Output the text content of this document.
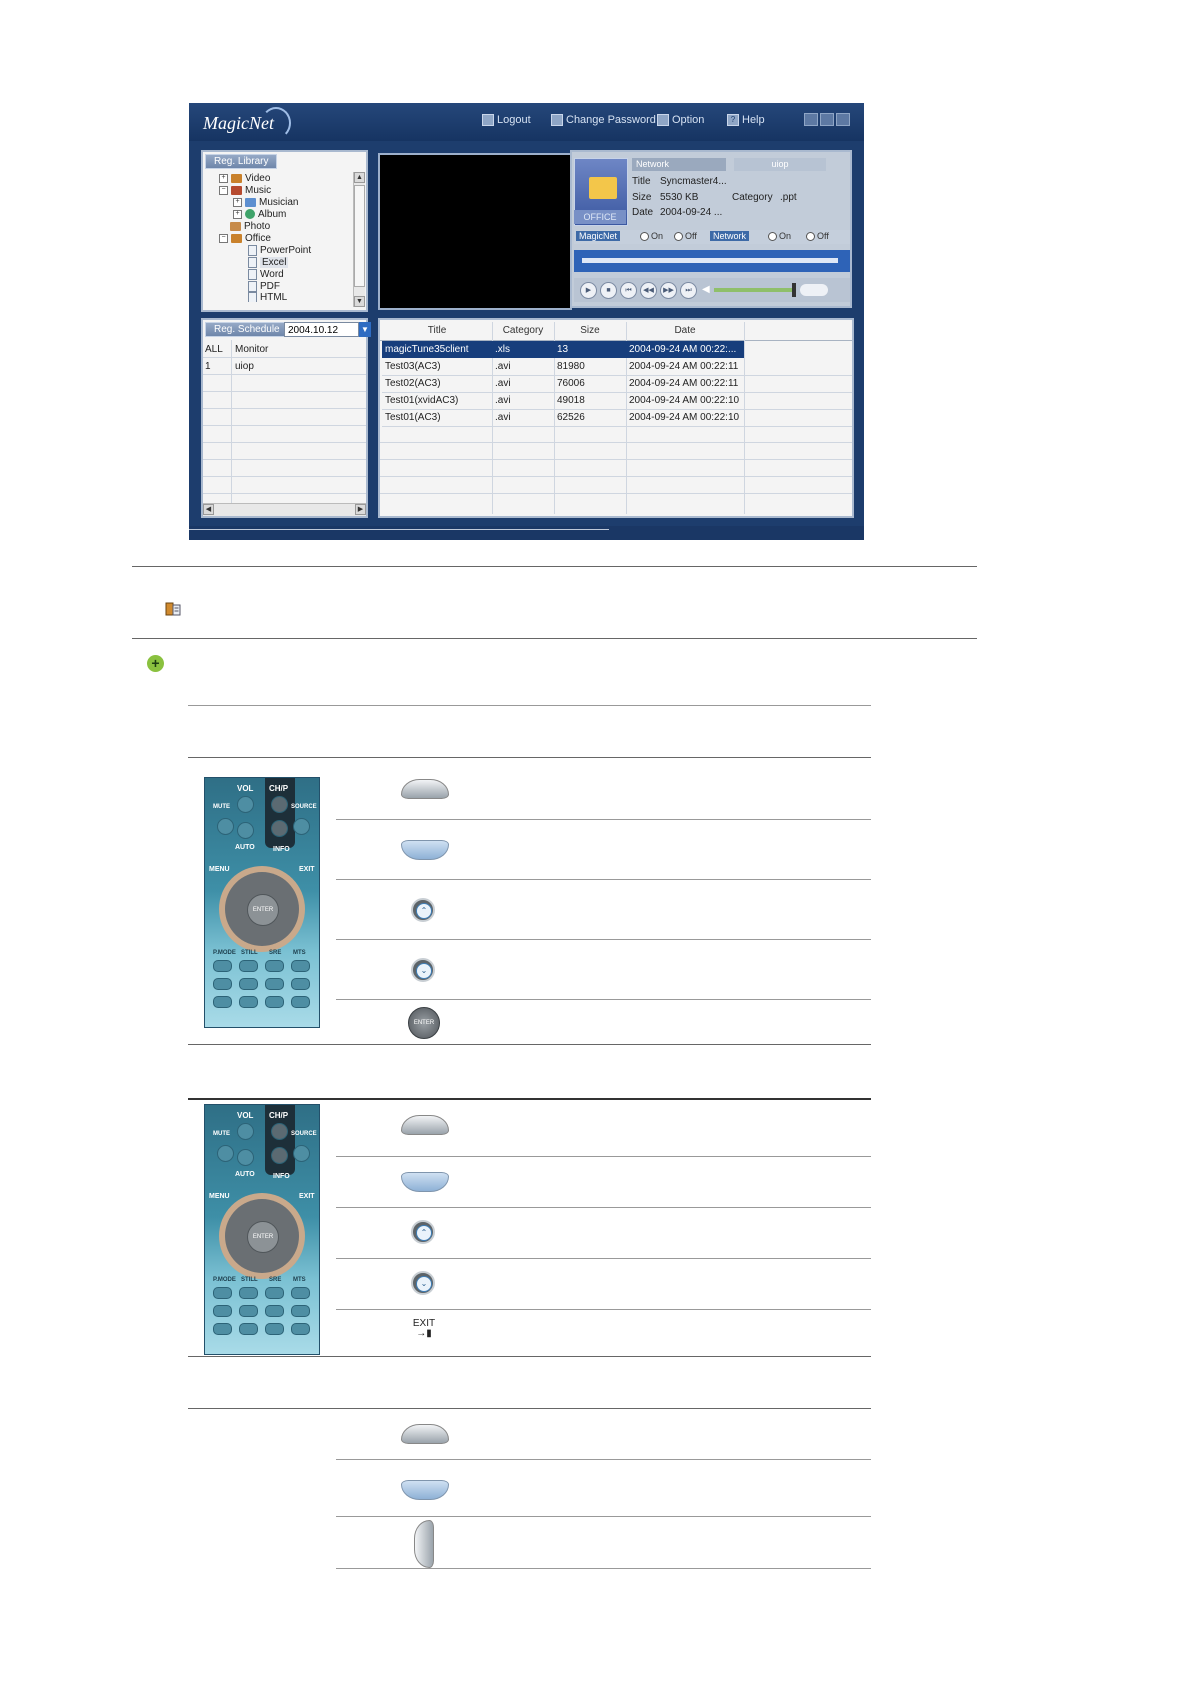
MagicNet	Logout	Change Password Option	? Help
Reg. Library
+ Video
− Music
+ Musician
+ Album
Photo
− Office
PowerPoint
Excel
Word
PDF
HTML
▲
▼
Reg. Schedule 2004.10.12	▼
ALL Monitor
1 uiop
◀	▶
OFFICE
Network	uiop
Title Syncmaster4...
Size 5530 KB	Category .ppt
Date 2004-09-24 ...
MagicNet	On Off	Network	On	Off
▶	■	⏮	◀◀	▶▶	⏭	◀
Title	Category	Size	Date
magicTune35client	.xls	13	2004-09-24 AM 00:22:...
Test03(AC3)	.avi	81980	2004-09-24 AM 00:22:11
Test02(AC3)	.avi	76006	2004-09-24 AM 00:22:11
Test01(xvidAC3)	.avi	49018	2004-09-24 AM 00:22:10
Test01(AC3)	.avi	62526	2004-09-24 AM 00:22:10
+
VOL CH/P
MUTE	SOURCE
AUTO	INFO
MENU	EXIT
ENTER
P.MODE STILL SRE MTS
⌃
⌄
ENTER
VOL CH/P
MUTE	SOURCE
AUTO	INFO
MENU	EXIT
ENTER
P.MODE STILL SRE MTS
⌃
⌄
EXIT
→▮
